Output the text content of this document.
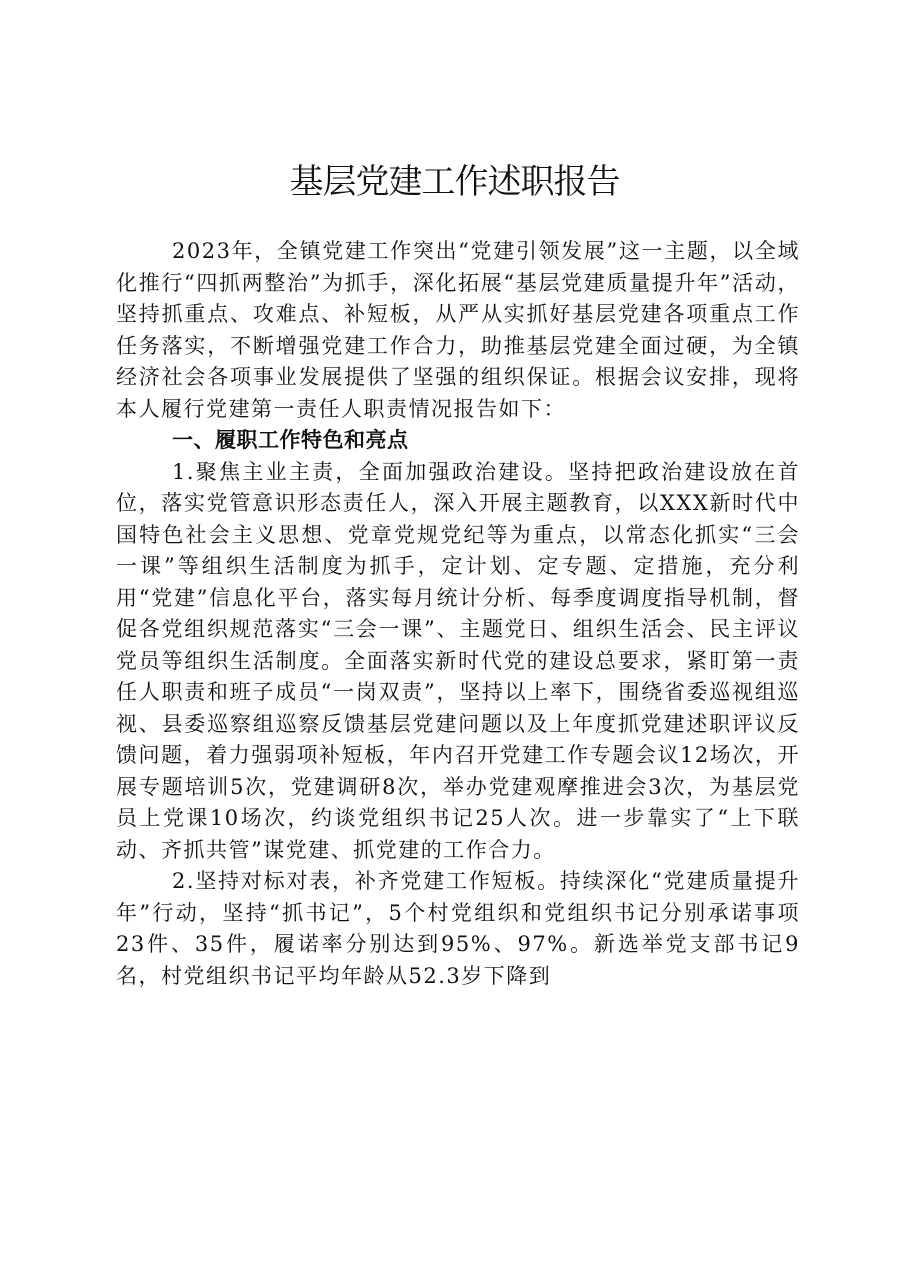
基层党建工作述职报告

2023年，全镇党建工作突出“党建引领发展”这一主题，以全域化推行“四抓两整治”为抓手，深化拓展“基层党建质量提升年”活动，坚持抓重点、攻难点、补短板，从严从实抓好基层党建各项重点工作任务落实，不断增强党建工作合力，助推基层党建全面过硬，为全镇经济社会各项事业发展提供了坚强的组织保证。根据会议安排，现将本人履行党建第一责任人职责情况报告如下：

一、履职工作特色和亮点

1.聚焦主业主责，全面加强政治建设。坚持把政治建设放在首位，落实党管意识形态责任人，深入开展主题教育，以XXX新时代中国特色社会主义思想、党章党规党纪等为重点，以常态化抓实“三会一课”等组织生活制度为抓手，定计划、定专题、定措施，充分利用“党建”信息化平台，落实每月统计分析、每季度调度指导机制，督促各党组织规范落实“三会一课”、主题党日、组织生活会、民主评议党员等组织生活制度。全面落实新时代党的建设总要求，紧盯第一责任人职责和班子成员“一岗双责”，坚持以上率下，围绕省委巡视组巡视、县委巡察组巡察反馈基层党建问题以及上年度抓党建述职评议反馈问题，着力强弱项补短板，年内召开党建工作专题会议12场次，开展专题培训5次，党建调研8次，举办党建观摩推进会3次，为基层党员上党课10场次，约谈党组织书记25人次。进一步靠实了“上下联动、齐抓共管”谋党建、抓党建的工作合力。

2.坚持对标对表，补齐党建工作短板。持续深化“党建质量提升年”行动，坚持“抓书记”，5个村党组织和党组织书记分别承诺事项23件、35件，履诺率分别达到95%、97%。新选举党支部书记9名，村党组织书记平均年龄从52.3岁下降到
